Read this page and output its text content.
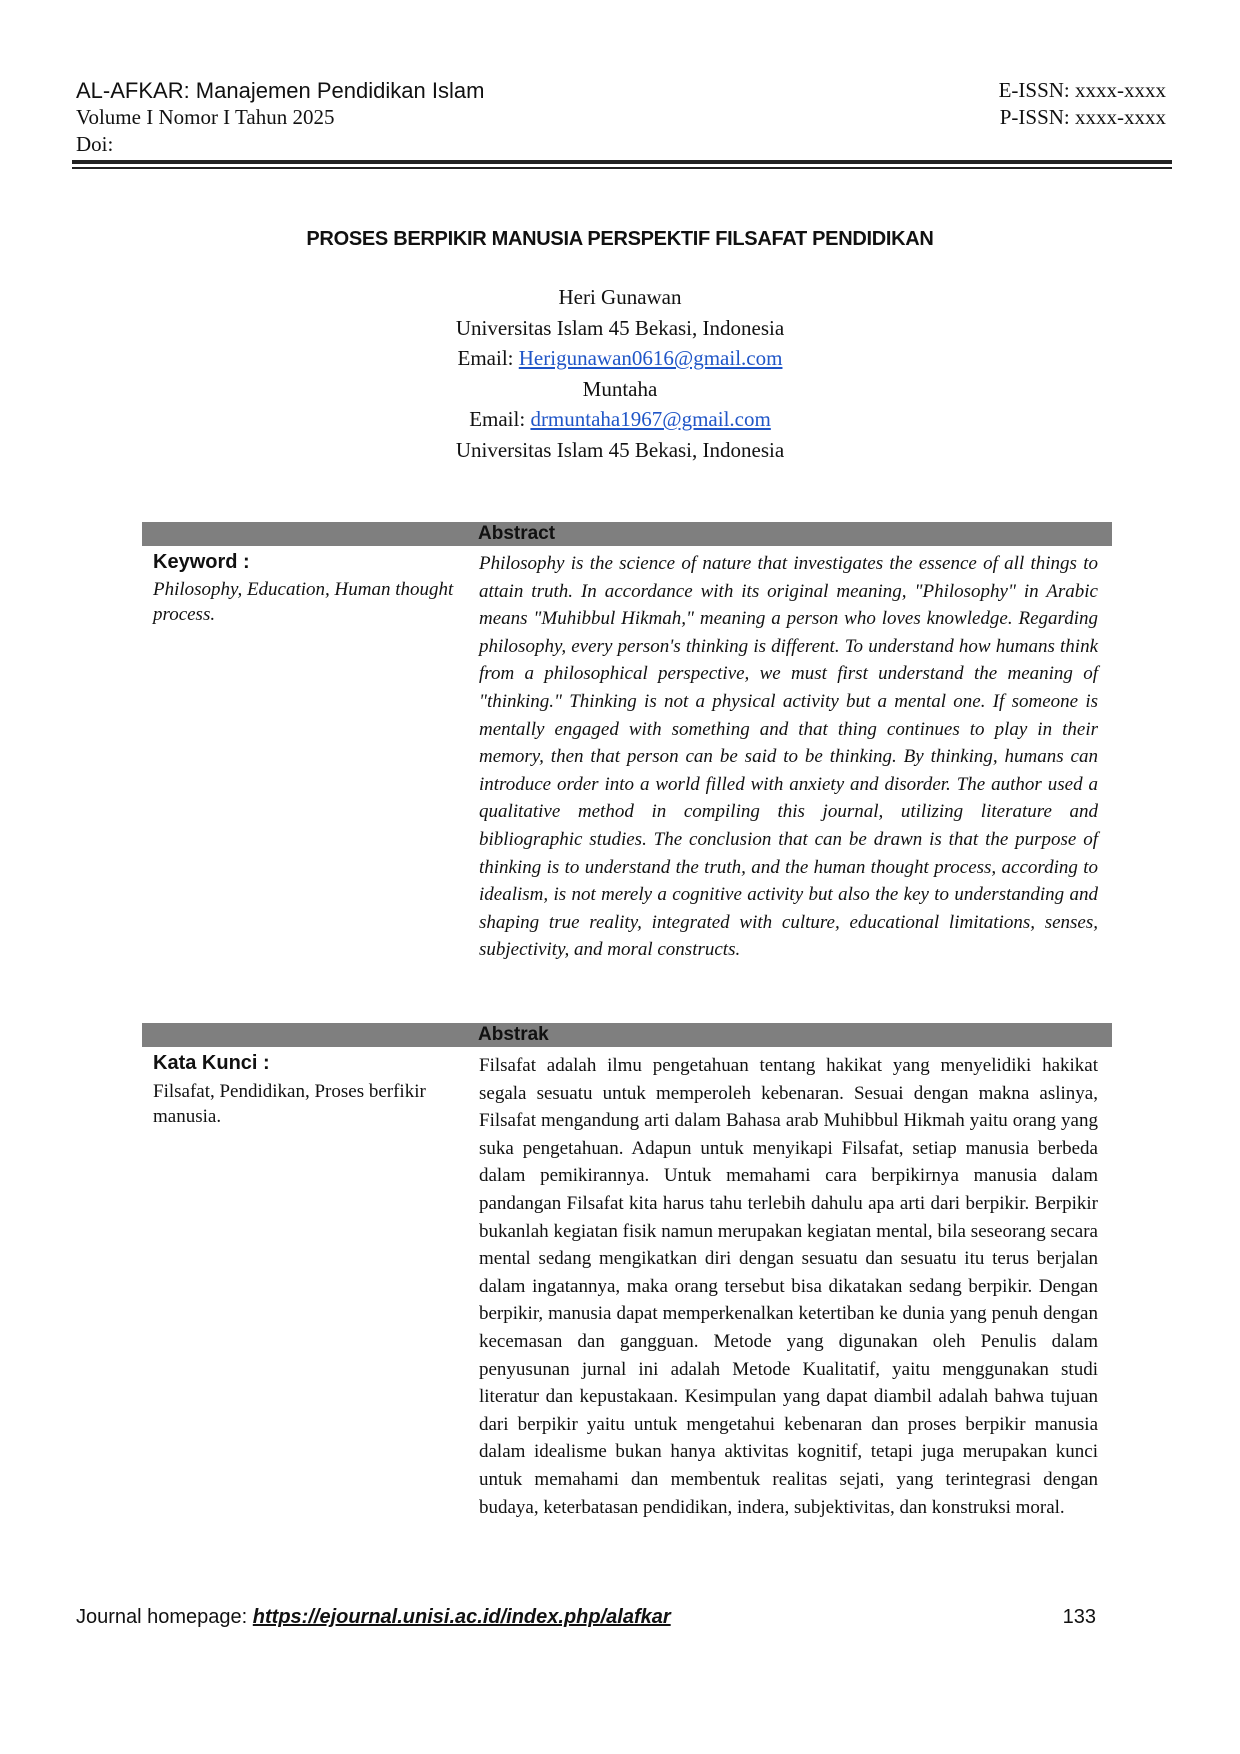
AL-AFKAR: Manajemen Pendidikan Islam
Volume I Nomor I Tahun 2025
Doi:
E-ISSN: xxxx-xxxx
P-ISSN: xxxx-xxxx
PROSES BERPIKIR MANUSIA PERSPEKTIF FILSAFAT PENDIDIKAN
Heri Gunawan
Universitas Islam 45 Bekasi, Indonesia
Email: Herigunawan0616@gmail.com
Muntaha
Email: drmuntaha1967@gmail.com
Universitas Islam 45 Bekasi, Indonesia
Abstract
Keyword :
Philosophy, Education, Human thought process.
Philosophy is the science of nature that investigates the essence of all things to attain truth. In accordance with its original meaning, "Philosophy" in Arabic means "Muhibbul Hikmah," meaning a person who loves knowledge. Regarding philosophy, every person's thinking is different. To understand how humans think from a philosophical perspective, we must first understand the meaning of "thinking." Thinking is not a physical activity but a mental one. If someone is mentally engaged with something and that thing continues to play in their memory, then that person can be said to be thinking. By thinking, humans can introduce order into a world filled with anxiety and disorder. The author used a qualitative method in compiling this journal, utilizing literature and bibliographic studies. The conclusion that can be drawn is that the purpose of thinking is to understand the truth, and the human thought process, according to idealism, is not merely a cognitive activity but also the key to understanding and shaping true reality, integrated with culture, educational limitations, senses, subjectivity, and moral constructs.
Abstrak
Kata Kunci :
Filsafat, Pendidikan, Proses berfikir manusia.
Filsafat adalah ilmu pengetahuan tentang hakikat yang menyelidiki hakikat segala sesuatu untuk memperoleh kebenaran. Sesuai dengan makna aslinya, Filsafat mengandung arti dalam Bahasa arab Muhibbul Hikmah yaitu orang yang suka pengetahuan. Adapun untuk menyikapi Filsafat, setiap manusia berbeda dalam pemikirannya. Untuk memahami cara berpikirnya manusia dalam pandangan Filsafat kita harus tahu terlebih dahulu apa arti dari berpikir. Berpikir bukanlah kegiatan fisik namun merupakan kegiatan mental, bila seseorang secara mental sedang mengikatkan diri dengan sesuatu dan sesuatu itu terus berjalan dalam ingatannya, maka orang tersebut bisa dikatakan sedang berpikir. Dengan berpikir, manusia dapat memperkenalkan ketertiban ke dunia yang penuh dengan kecemasan dan gangguan. Metode yang digunakan oleh Penulis dalam penyusunan jurnal ini adalah Metode Kualitatif, yaitu menggunakan studi literatur dan kepustakaan. Kesimpulan yang dapat diambil adalah bahwa tujuan dari berpikir yaitu untuk mengetahui kebenaran dan proses berpikir manusia dalam idealisme bukan hanya aktivitas kognitif, tetapi juga merupakan kunci untuk memahami dan membentuk realitas sejati, yang terintegrasi dengan budaya, keterbatasan pendidikan, indera, subjektivitas, dan konstruksi moral.
Journal homepage: https://ejournal.unisi.ac.id/index.php/alafkar	133
